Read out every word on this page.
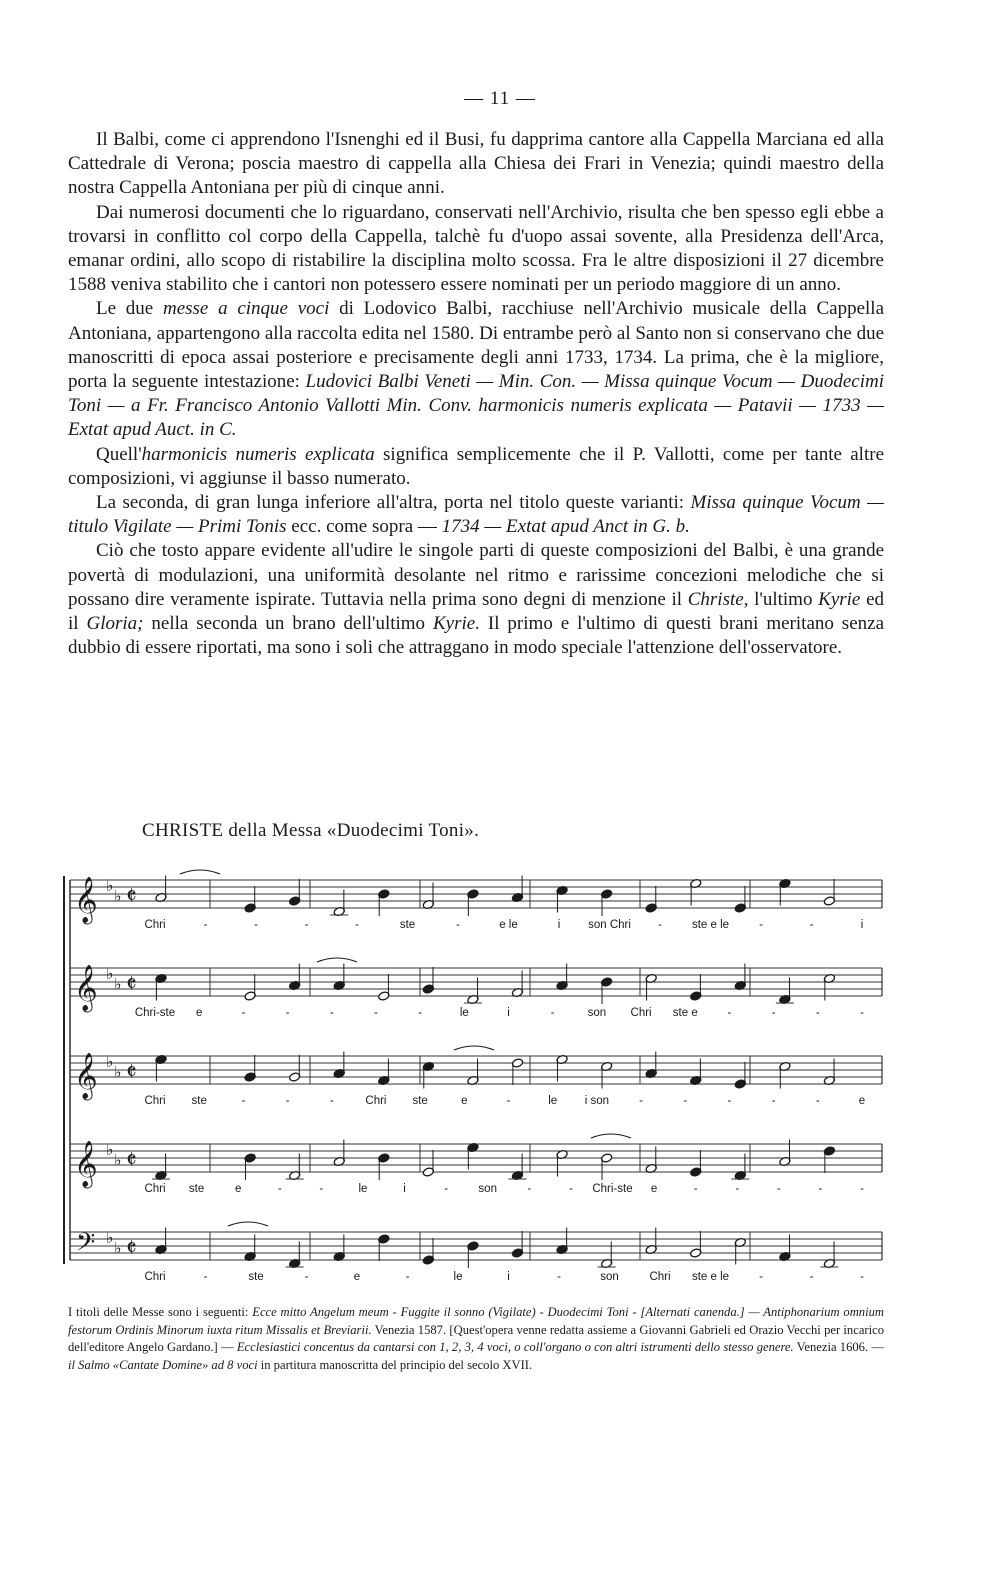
— 11 —

Il Balbi, come ci apprendono l'Isnenghi ed il Busi, fu dapprima cantore alla Cappella Marciana ed alla Cattedrale di Verona; poscia maestro di cappella alla Chiesa dei Frari in Venezia; quindi maestro della nostra Cappella Antoniana per più di cinque anni.

Dai numerosi documenti che lo riguardano, conservati nell'Archivio, risulta che ben spesso egli ebbe a trovarsi in conflitto col corpo della Cappella, talchè fu d'uopo assai sovente, alla Presidenza dell'Arca, emanar ordini, allo scopo di ristabilire la disciplina molto scossa. Fra le altre disposizioni il 27 dicembre 1588 veniva stabilito che i cantori non potessero essere nominati per un periodo maggiore di un anno.

Le due messe a cinque voci di Lodovico Balbi, racchiuse nell'Archivio musicale della Cappella Antoniana, appartengono alla raccolta edita nel 1580. Di entrambe però al Santo non si conservano che due manoscritti di epoca assai posteriore e precisamente degli anni 1733, 1734. La prima, che è la migliore, porta la seguente intestazione: Ludovici Balbi Veneti — Min. Con. — Missa quinque Vocum — Duodecimi Toni — a Fr. Francisco Antonio Vallotti Min. Conv. harmonicis numeris explicata — Patavii — 1733 — Extat apud Auct. in C.

Quell'harmonicis numeris explicata significa semplicemente che il P. Vallotti, come per tante altre composizioni, vi aggiunse il basso numerato.

La seconda, di gran lunga inferiore all'altra, porta nel titolo queste varianti: Missa quinque Vocum — titulo Vigilate — Primi Tonis ecc. come sopra — 1734 — Extat apud Anct in G. b.

Ciò che tosto appare evidente all'udire le singole parti di queste composizioni del Balbi, è una grande povertà di modulazioni, una uniformità desolante nel ritmo e rarissime concezioni melodiche che si possano dire veramente ispirate. Tuttavia nella prima sono degni di menzione il Christe, l'ultimo Kyrie ed il Gloria; nella seconda un brano dell'ultimo Kyrie. Il primo e l'ultimo di questi brani meritano senza dubbio di essere riportati, ma sono i soli che attraggano in modo speciale l'attenzione dell'osservatore.

CHRISTE della Messa «Duodecimi Toni».
𝄞 ♭
♭ 𝄵
Chri	-	-	-	-	ste	-	e le	i son Chri -	ste e le	-	-	i
𝄞 ♭
♭ 𝄵
Chri-ste e	-	-	-	-	-	le	i	-	son Chri ste e	-	-	-	-
𝄞 ♭
♭ 𝄵
Chri ste	-	-	-	Chri ste	e	-	le i son	-	-	-	-	-	e
𝄞 ♭
♭ 𝄵
Chri ste	e	-	-	le	i	-	son	-	- Chri-ste e	-	-	-	-	-
𝄢 ♭
♭ 𝄵
Chri	-	ste	-	e	-	le	i	-	son	Chri ste e le	-	-	-

I titoli delle Messe sono i seguenti: Ecce mitto Angelum meum - Fuggite il sonno (Vigilate) - Duodecimi Toni - [Alternati canenda.] — Antiphonarium omnium festorum Ordinis Minorum iuxta ritum Missalis et Breviarii. Venezia 1587. [Quest'opera venne redatta assieme a Giovanni Gabrieli ed Orazio Vecchi per incarico dell'editore Angelo Gardano.] — Ecclesiastici concentus da cantarsi con 1, 2, 3, 4 voci, o coll'organo o con altri istrumenti dello stesso genere. Venezia 1606. — il Salmo «Cantate Domine» ad 8 voci in partitura manoscritta del principio del secolo XVII.
